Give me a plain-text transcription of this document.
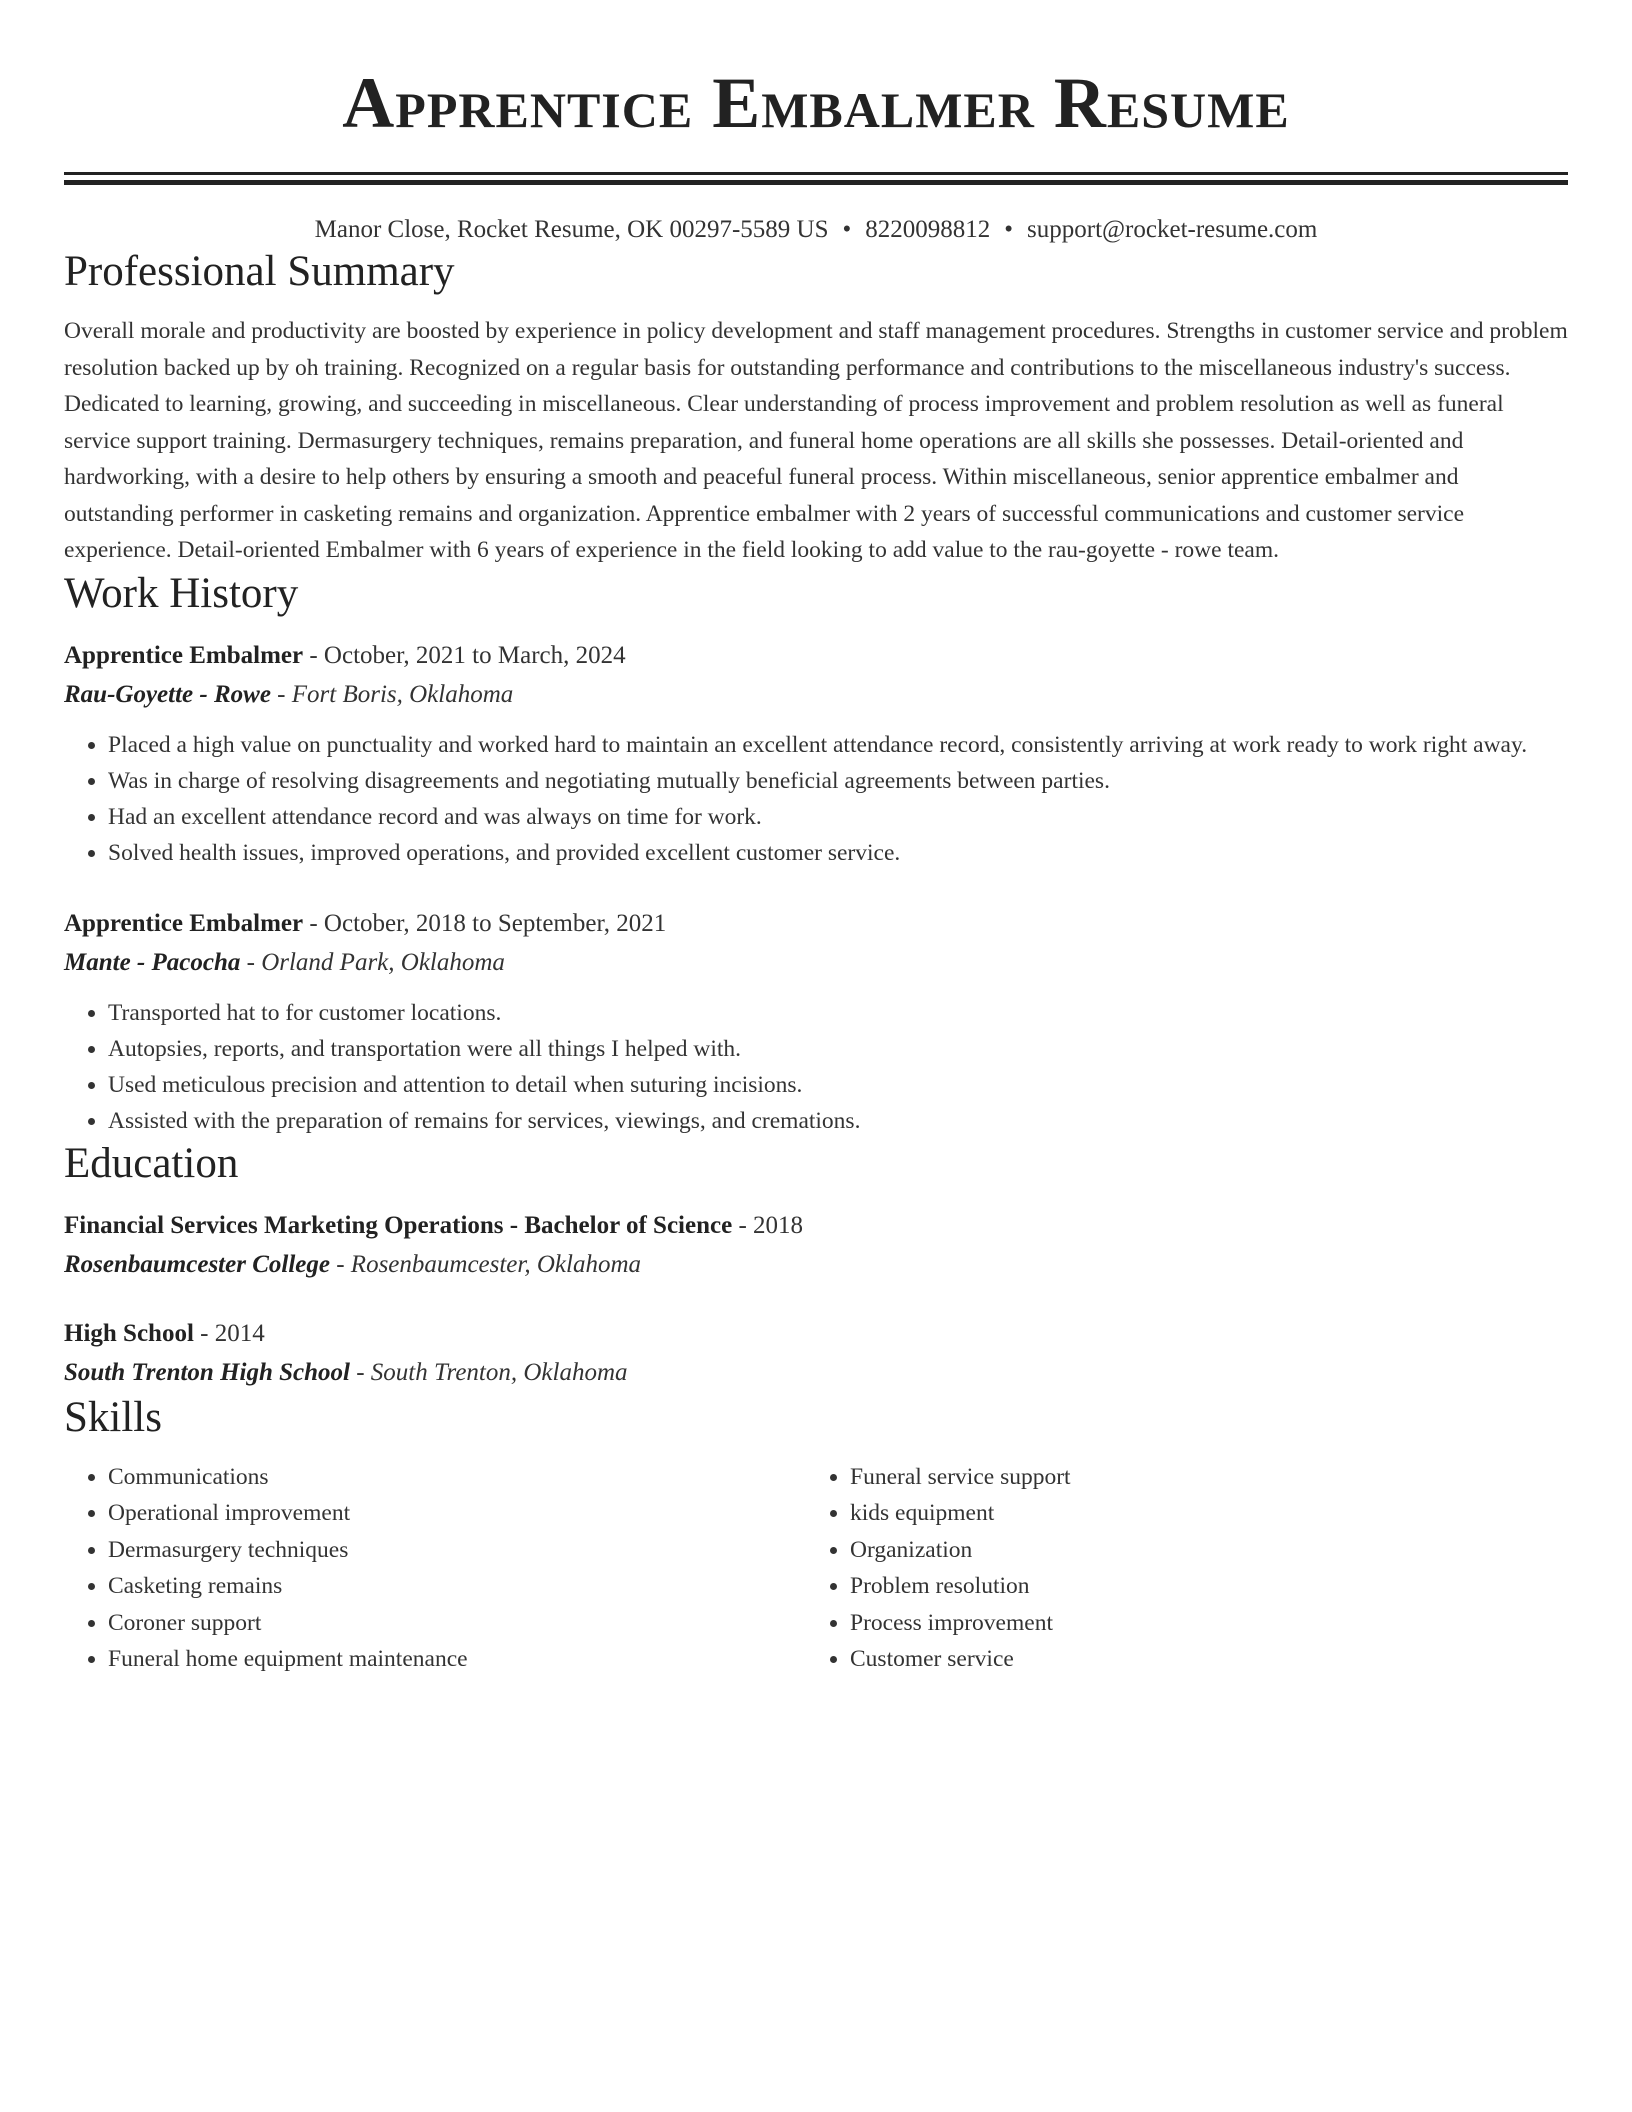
Apprentice Embalmer Resume
Manor Close, Rocket Resume, OK 00297-5589 US • 8220098812 • support@rocket-resume.com
Professional Summary

Overall morale and productivity are boosted by experience in policy development and staff management procedures. Strengths in customer service and problem resolution backed up by oh training. Recognized on a regular basis for outstanding performance and contributions to the miscellaneous industry's success. Dedicated to learning, growing, and succeeding in miscellaneous. Clear understanding of process improvement and problem resolution as well as funeral service support training. Dermasurgery techniques, remains preparation, and funeral home operations are all skills she possesses. Detail-oriented and hardworking, with a desire to help others by ensuring a smooth and peaceful funeral process. Within miscellaneous, senior apprentice embalmer and outstanding performer in casketing remains and organization. Apprentice embalmer with 2 years of successful communications and customer service experience. Detail-oriented Embalmer with 6 years of experience in the field looking to add value to the rau-goyette - rowe team.

Work History
Apprentice Embalmer - October, 2021 to March, 2024
Rau-Goyette - Rowe - Fort Boris, Oklahoma
• Placed a high value on punctuality and worked hard to maintain an excellent attendance record, consistently arriving at work ready to work right away.
• Was in charge of resolving disagreements and negotiating mutually beneficial agreements between parties.
• Had an excellent attendance record and was always on time for work.
• Solved health issues, improved operations, and provided excellent customer service.
Apprentice Embalmer - October, 2018 to September, 2021
Mante - Pacocha - Orland Park, Oklahoma
• Transported hat to for customer locations.
• Autopsies, reports, and transportation were all things I helped with.
• Used meticulous precision and attention to detail when suturing incisions.
• Assisted with the preparation of remains for services, viewings, and cremations.
Education
Financial Services Marketing Operations - Bachelor of Science - 2018
Rosenbaumcester College - Rosenbaumcester, Oklahoma
High School - 2014
South Trenton High School - South Trenton, Oklahoma
Skills
• Communications
• Operational improvement
• Dermasurgery techniques
• Casketing remains
• Coroner support
• Funeral home equipment maintenance
• Funeral service support
• kids equipment
• Organization
• Problem resolution
• Process improvement
• Customer service
